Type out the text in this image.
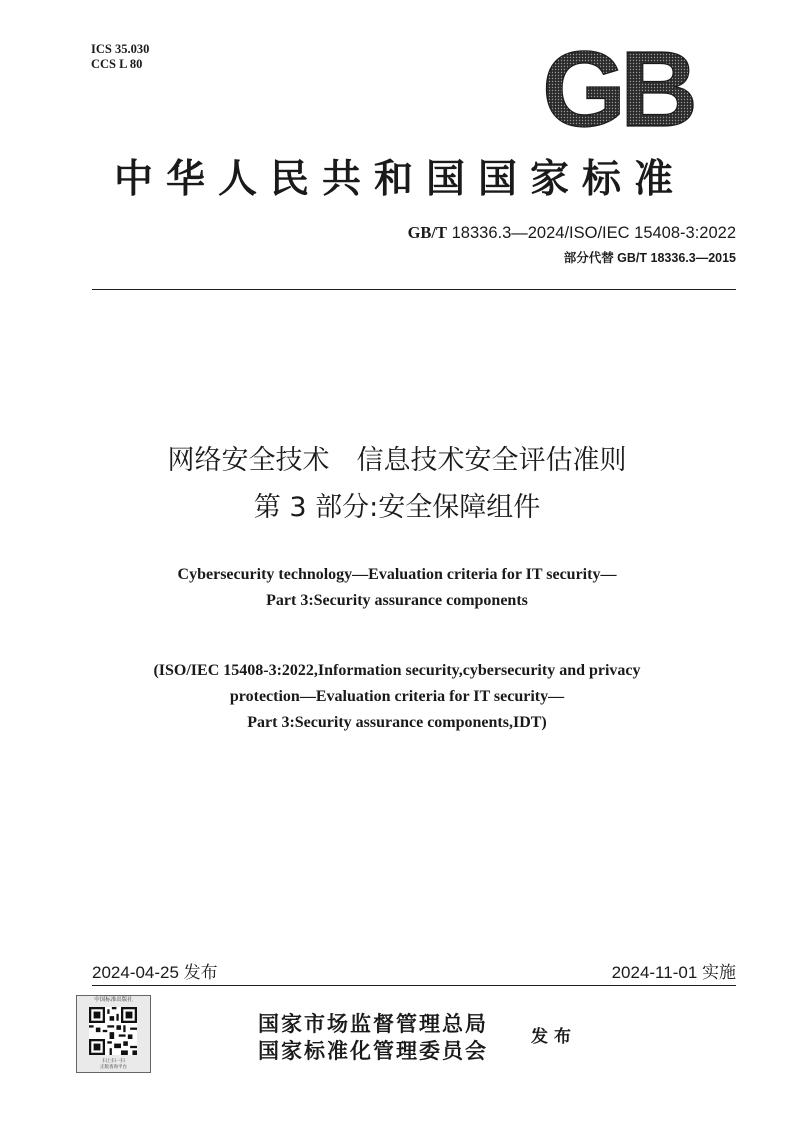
ICS 35.030
CCS L 80	GB
中华人民共和国国家标准
GB/T 18336.3—2024/ISO/IEC 15408-3:2022
部分代替 GB/T 18336.3—2015
网络安全技术　信息技术安全评估准则
第 3 部分:安全保障组件
Cybersecurity technology—Evaluation criteria for IT security—
Part 3:Security assurance components
(ISO/IEC 15408-3:2022,Information security,cybersecurity and privacy
protection—Evaluation criteria for IT security—
Part 3:Security assurance components,IDT)
2024-04-25 发布	2024-11-01 实施
中国标准出版社
扫上扫一扫
正版查询平台
国家市场监督管理总局
国家标准化管理委员会
发布
